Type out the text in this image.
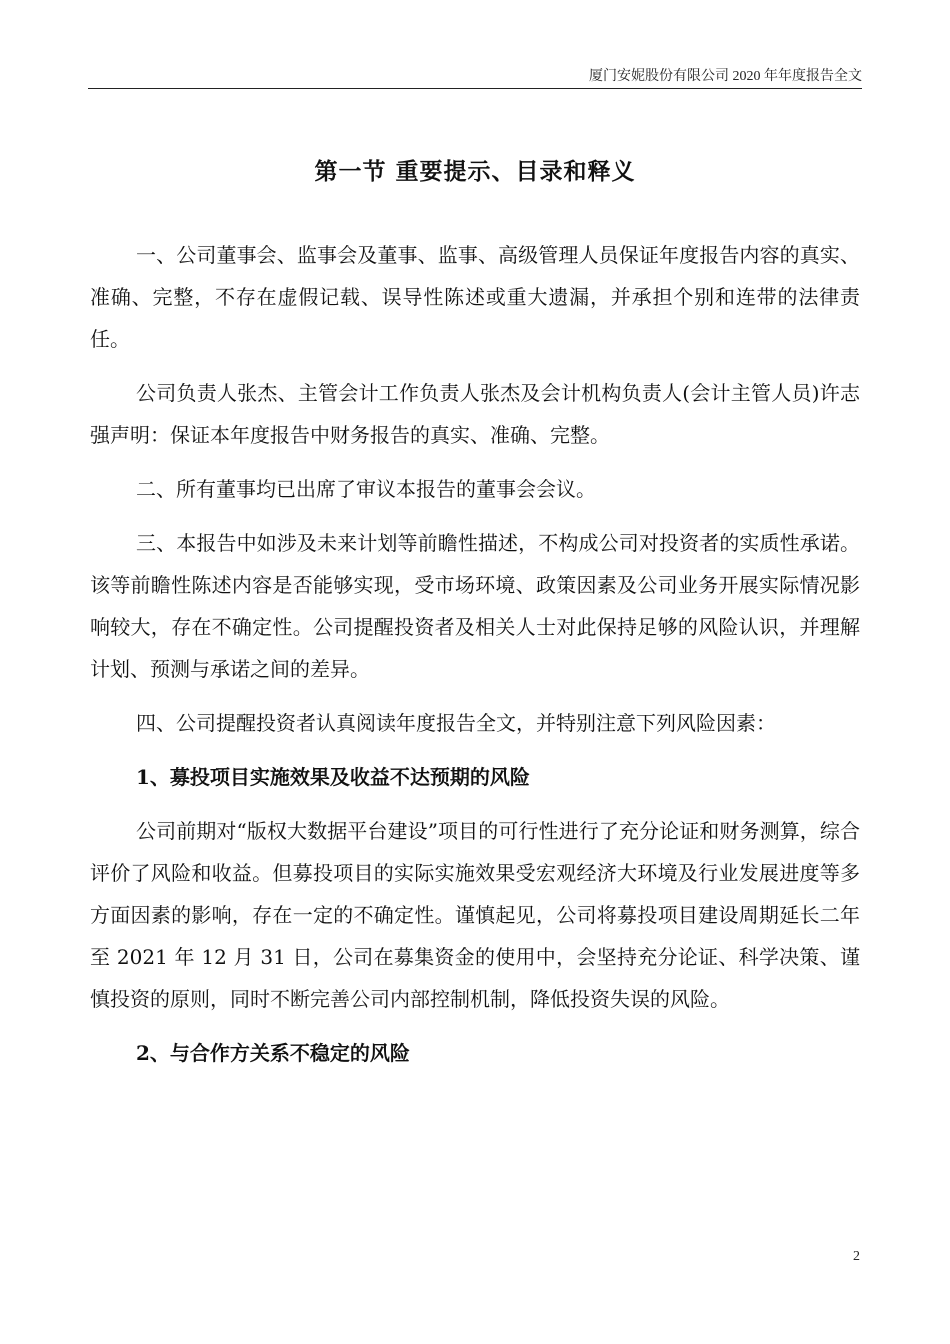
厦门安妮股份有限公司 2020 年年度报告全文
第一节 重要提示、目录和释义

一、公司董事会、监事会及董事、监事、高级管理人员保证年度报告内容的真实、准确、完整，不存在虚假记载、误导性陈述或重大遗漏，并承担个别和连带的法律责任。

公司负责人张杰、主管会计工作负责人张杰及会计机构负责人(会计主管人员)许志强声明：保证本年度报告中财务报告的真实、准确、完整。

二、所有董事均已出席了审议本报告的董事会会议。

三、本报告中如涉及未来计划等前瞻性描述，不构成公司对投资者的实质性承诺。该等前瞻性陈述内容是否能够实现，受市场环境、政策因素及公司业务开展实际情况影响较大，存在不确定性。公司提醒投资者及相关人士对此保持足够的风险认识，并理解计划、预测与承诺之间的差异。

四、公司提醒投资者认真阅读年度报告全文，并特别注意下列风险因素：

1、募投项目实施效果及收益不达预期的风险

公司前期对“版权大数据平台建设”项目的可行性进行了充分论证和财务测算，综合评价了风险和收益。但募投项目的实际实施效果受宏观经济大环境及行业发展进度等多方面因素的影响，存在一定的不确定性。谨慎起见，公司将募投项目建设周期延长二年至 2021 年 12 月 31 日，公司在募集资金的使用中，会坚持充分论证、科学决策、谨慎投资的原则，同时不断完善公司内部控制机制，降低投资失误的风险。

2、与合作方关系不稳定的风险

2
